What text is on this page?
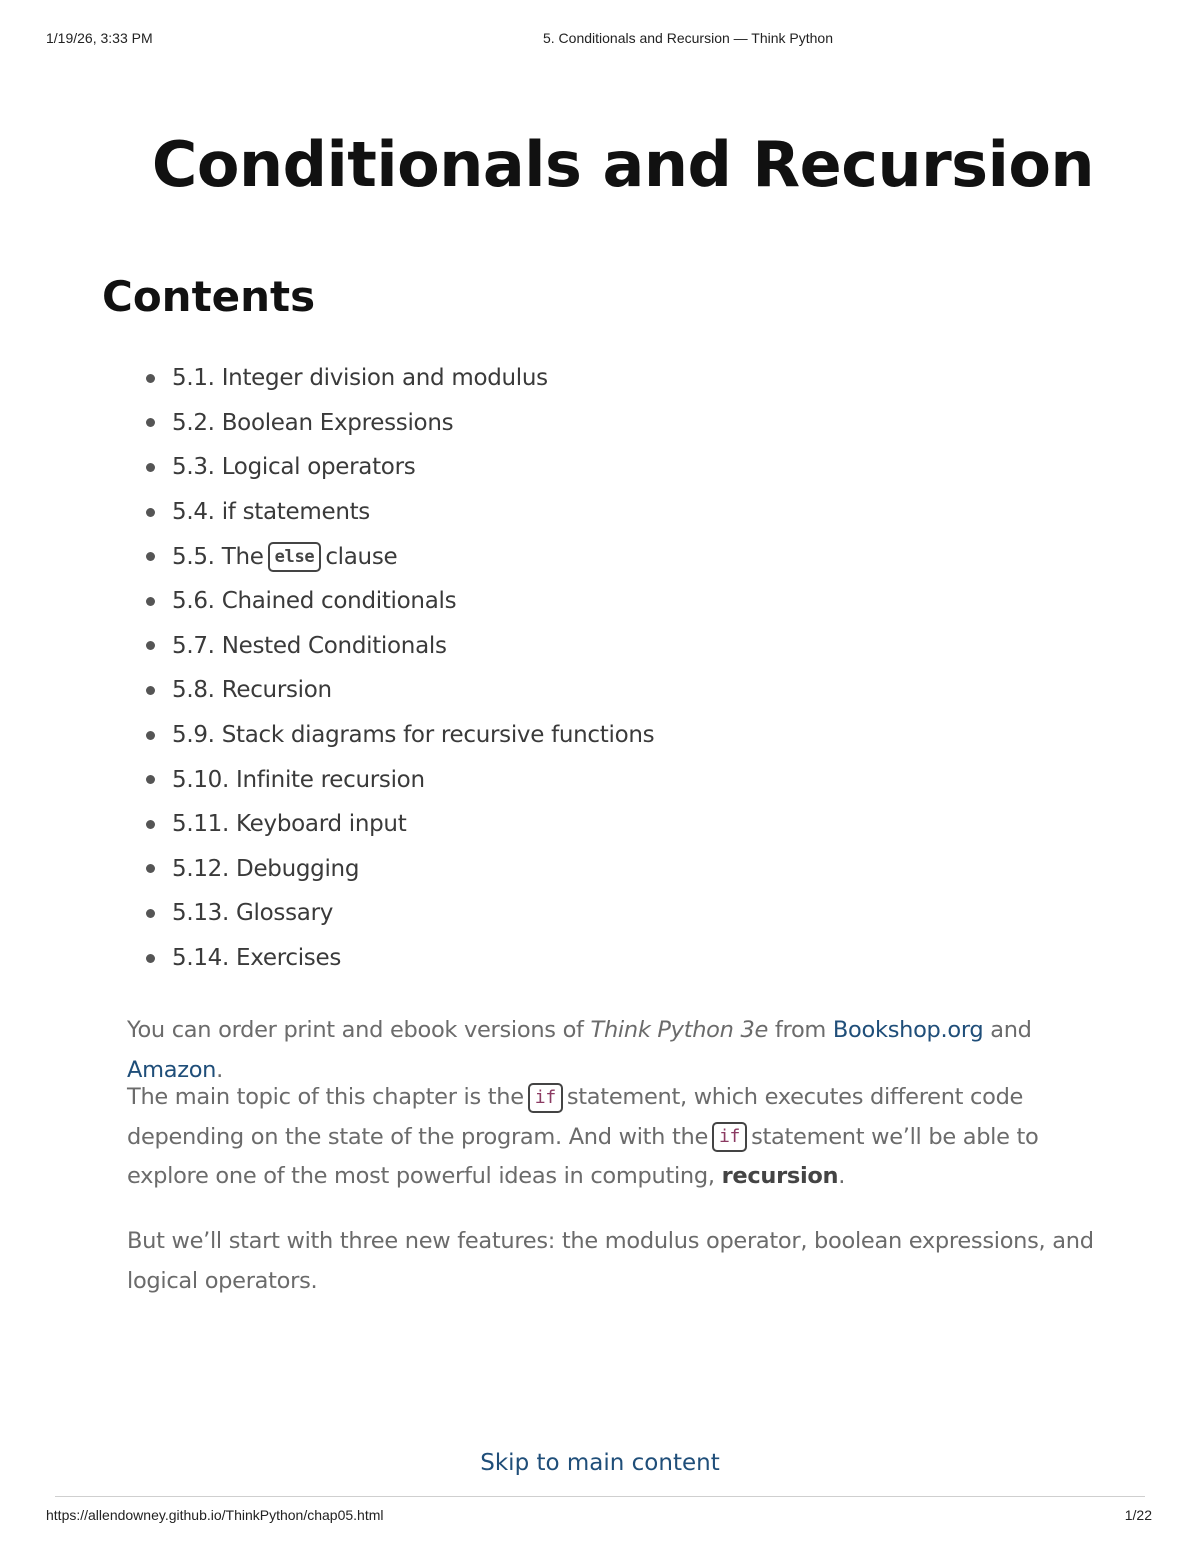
1/19/26, 3:33 PM	5. Conditionals and Recursion — Think Python
Conditionals and Recursion
Contents
5.1. Integer division and modulus
5.2. Boolean Expressions
5.3. Logical operators
5.4. if statements
5.5. The else clause
5.6. Chained conditionals
5.7. Nested Conditionals
5.8. Recursion
5.9. Stack diagrams for recursive functions
5.10. Infinite recursion
5.11. Keyboard input
5.12. Debugging
5.13. Glossary
5.14. Exercises

You can order print and ebook versions of Think Python 3e from Bookshop.org and Amazon.

The main topic of this chapter is the if statement, which executes different code depending on the state of the program. And with the if statement we’ll be able to explore one of the most powerful ideas in computing, recursion.

But we’ll start with three new features: the modulus operator, boolean expressions, and logical operators.

Skip to main content
https://allendowney.github.io/ThinkPython/chap05.html	1/22
